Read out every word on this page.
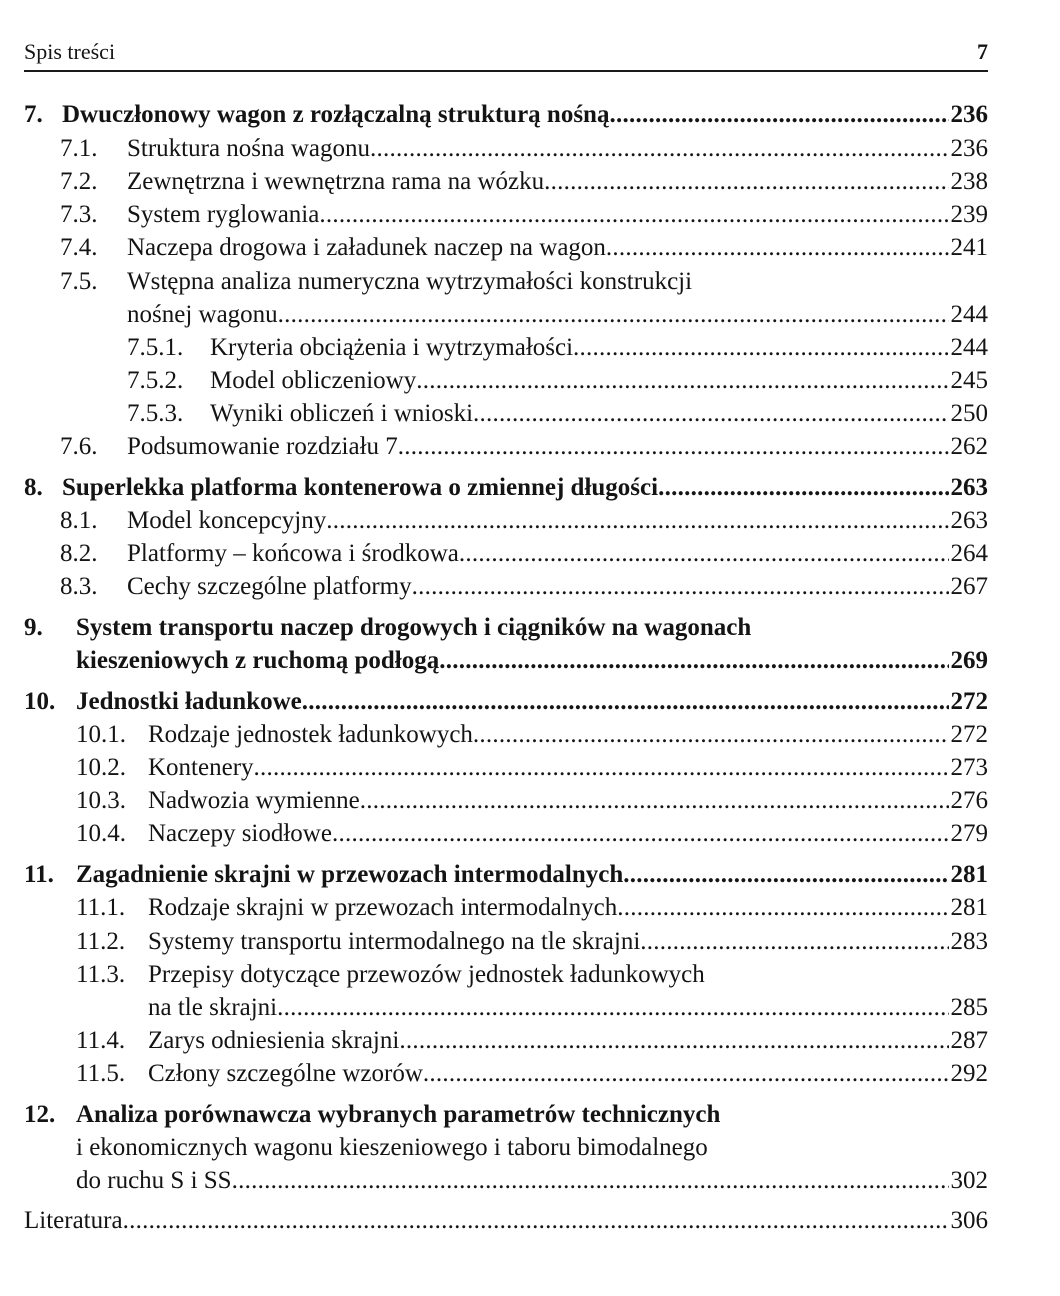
Spis treści	7
7. Dwuczłonowy wagon z rozłączalną strukturą nośną . . .	236
7.1. Struktura nośna wagonu . . .	236
7.2. Zewnętrzna i wewnętrzna rama na wózku . . .	238
7.3. System ryglowania . . .	239
7.4. Naczepa drogowa i załadunek naczep na wagon . . .	241
7.5. Wstępna analiza numeryczna wytrzymałości konstrukcji
nośnej wagonu . . .	244
7.5.1. Kryteria obciążenia i wytrzymałości . . .	244
7.5.2. Model obliczeniowy . . .	245
7.5.3. Wyniki obliczeń i wnioski . . .	250
7.6. Podsumowanie rozdziału 7 . . .	262
8. Superlekka platforma kontenerowa o zmiennej długości . . .	263
8.1. Model koncepcyjny . . .	263
8.2. Platformy – końcowa i środkowa . . .	264
8.3. Cechy szczególne platformy . . .	267
9. System transportu naczep drogowych i ciągników na wagonach
kieszeniowych z ruchomą podłogą . . .	269
10. Jednostki ładunkowe . . .	272
10.1. Rodzaje jednostek ładunkowych . . .	272
10.2. Kontenery . . .	273
10.3. Nadwozia wymienne . . .	276
10.4. Naczepy siodłowe . . .	279
11. Zagadnienie skrajni w przewozach intermodalnych . . .	281
11.1. Rodzaje skrajni w przewozach intermodalnych . . .	281
11.2. Systemy transportu intermodalnego na tle skrajni . . .	283
11.3. Przepisy dotyczące przewozów jednostek ładunkowych
na tle skrajni . . .	285
11.4. Zarys odniesienia skrajni . . .	287
11.5. Człony szczególne wzorów . . .	292
12. Analiza porównawcza wybranych parametrów technicznych
i ekonomicznych wagonu kieszeniowego i taboru bimodalnego
do ruchu S i SS . . .	302
Literatura . . .	306
